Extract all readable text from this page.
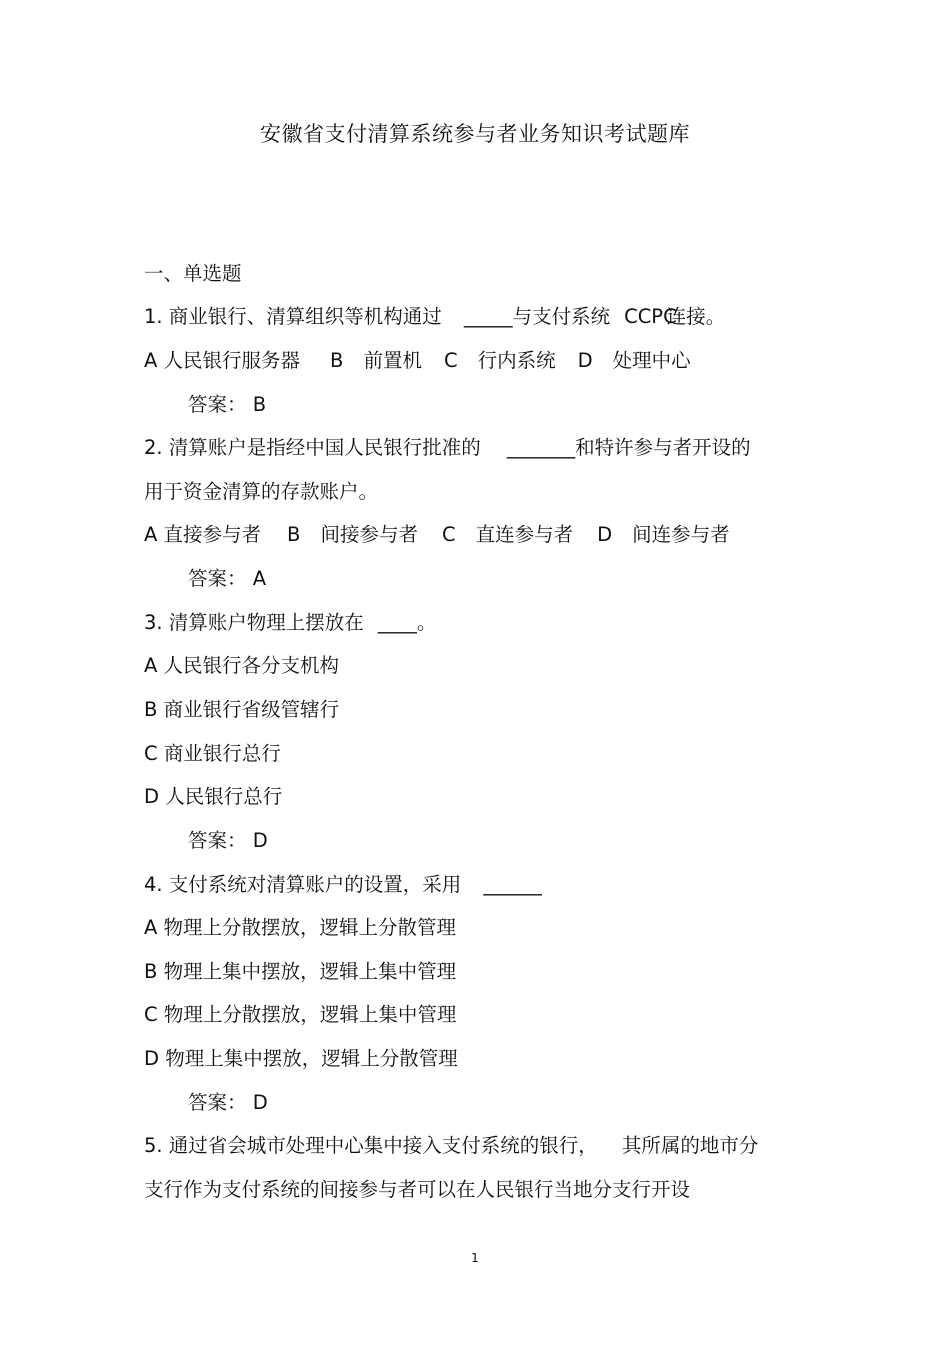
安徽省支付清算系统参与者业务知识考试题库
一、单选题
1. 商业银行、清算组织等机构通过 _____与支付系统 CCPC连接。
A 人民银行服务器 B 前置机 C 行内系统 D 处理中心
答案： B
2. 清算账户是指经中国人民银行批准的 _______和特许参与者开设的
用于资金清算的存款账户。
A 直接参与者 B 间接参与者 C 直连参与者 D 间连参与者
答案： A
3. 清算账户物理上摆放在 ____。
A 人民银行各分支机构
B 商业银行省级管辖行
C 商业银行总行
D 人民银行总行
答案： D
4. 支付系统对清算账户的设置，采用 ______
A 物理上分散摆放，逻辑上分散管理
B 物理上集中摆放，逻辑上集中管理
C 物理上分散摆放，逻辑上集中管理
D 物理上集中摆放，逻辑上分散管理
答案： D
5. 通过省会城市处理中心集中接入支付系统的银行， 其所属的地市分
支行作为支付系统的间接参与者可以在人民银行当地分支行开设
1
